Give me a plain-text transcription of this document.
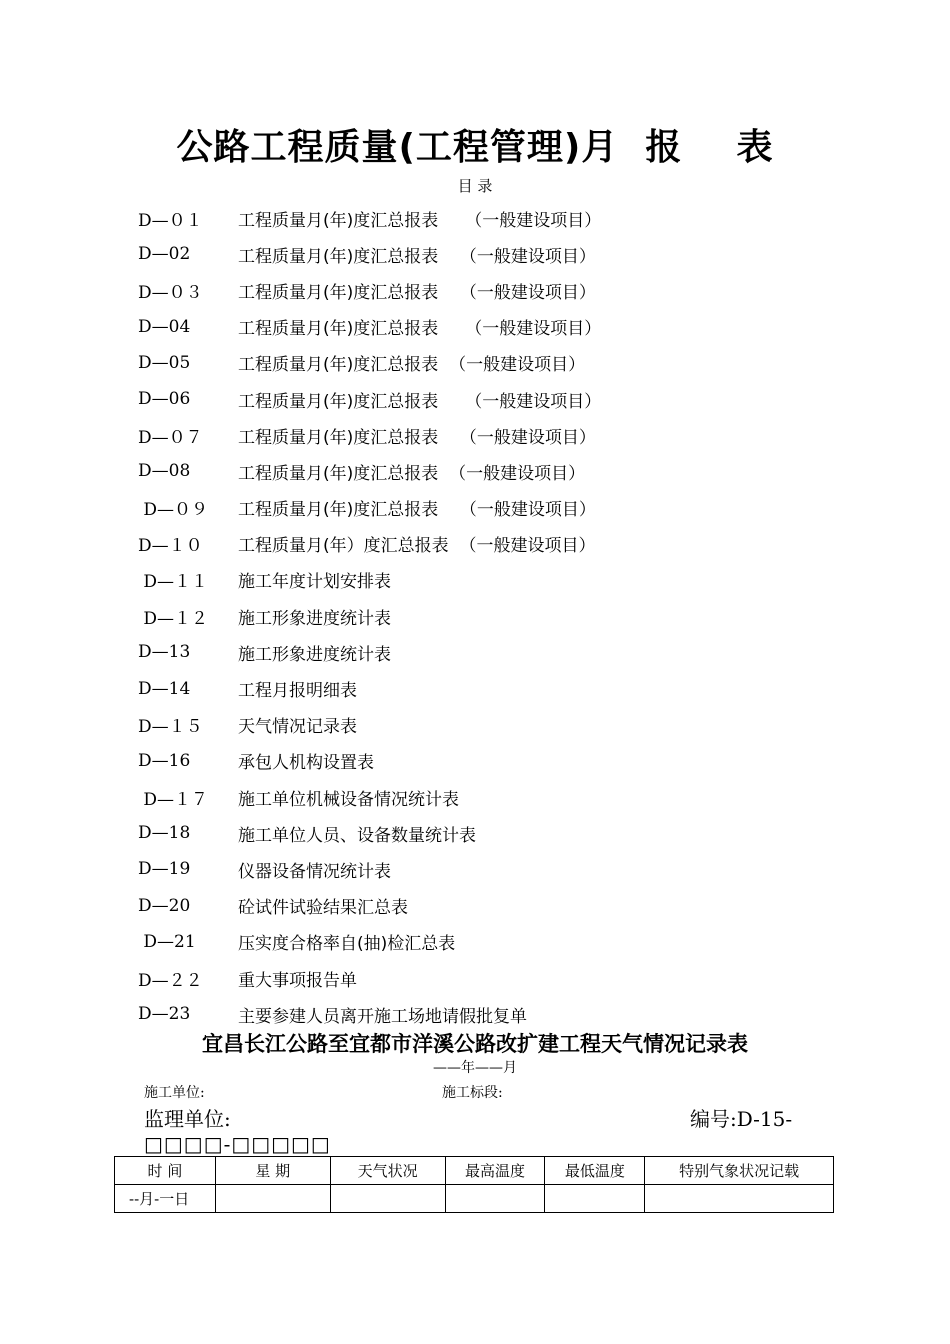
公路工程质量(工程管理)月  报    表
目 录
D—０１	工程质量月(年)度汇总报表     （一般建设项目）
D—02	工程质量月(年)度汇总报表    （一般建设项目）
D—０３	工程质量月(年)度汇总报表    （一般建设项目）
D—04	工程质量月(年)度汇总报表     （一般建设项目）
D—05	工程质量月(年)度汇总报表  （一般建设项目）
D—06	工程质量月(年)度汇总报表     （一般建设项目）
D—０７	工程质量月(年)度汇总报表    （一般建设项目）
D—08	工程质量月(年)度汇总报表  （一般建设项目）
D—０９	工程质量月(年)度汇总报表    （一般建设项目）
D—１０	工程质量月(年）度汇总报表  （一般建设项目）
D—１１	施工年度计划安排表
D—１２	施工形象进度统计表
D—13	施工形象进度统计表
D—14	工程月报明细表
D—１５	天气情况记录表
D—16	承包人机构设置表
D—１７	施工单位机械设备情况统计表
D—18	施工单位人员、设备数量统计表
D—19	仪器设备情况统计表
D—20	砼试件试验结果汇总表
D—21	压实度合格率自(抽)检汇总表
D—２２	重大事项报告单
D—23	主要参建人员离开施工场地请假批复单
宜昌长江公路至宜都市洋溪公路改扩建工程天气情况记录表
——年——月
施工单位:	施工标段:
监理单位:	编号:D-15-
□□□□-□□□□□
时 间	星 期	天气状况	最高温度	最低温度	特别气象状况记载
--月-一日					
